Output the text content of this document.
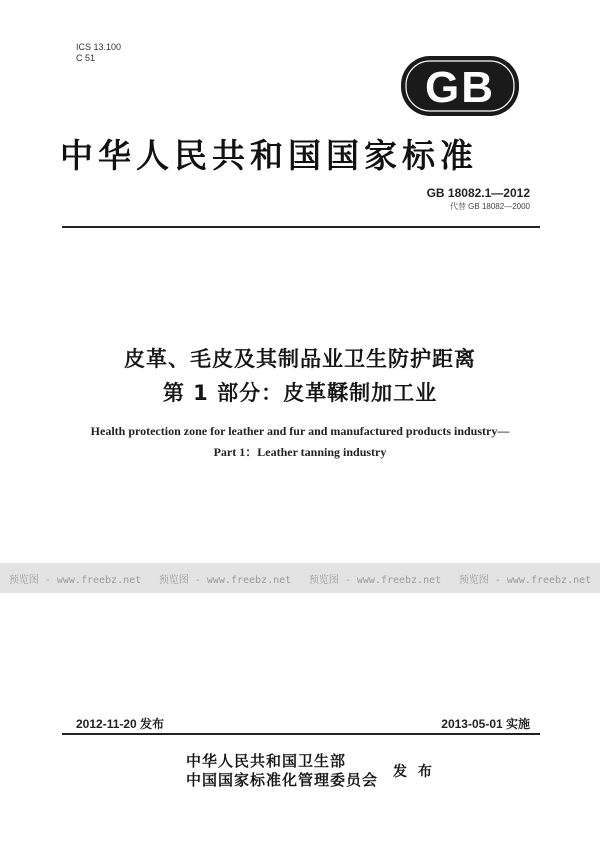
ICS 13.100
C 51
GB
中华人民共和国国家标准
GB 18082.1—2012
代替 GB 18082—2000
皮革、毛皮及其制品业卫生防护距离
第 1 部分：皮革鞣制加工业
Health protection zone for leather and fur and manufactured products industry—
Part 1：Leather tanning industry
预览图 - www.freebz.net 预览图 - www.freebz.net 预览图 - www.freebz.net 预览图 - www.freebz.net
2012-11-20 发布	2013-05-01 实施
中华人民共和国卫生部
中国国家标准化管理委员会 发 布
